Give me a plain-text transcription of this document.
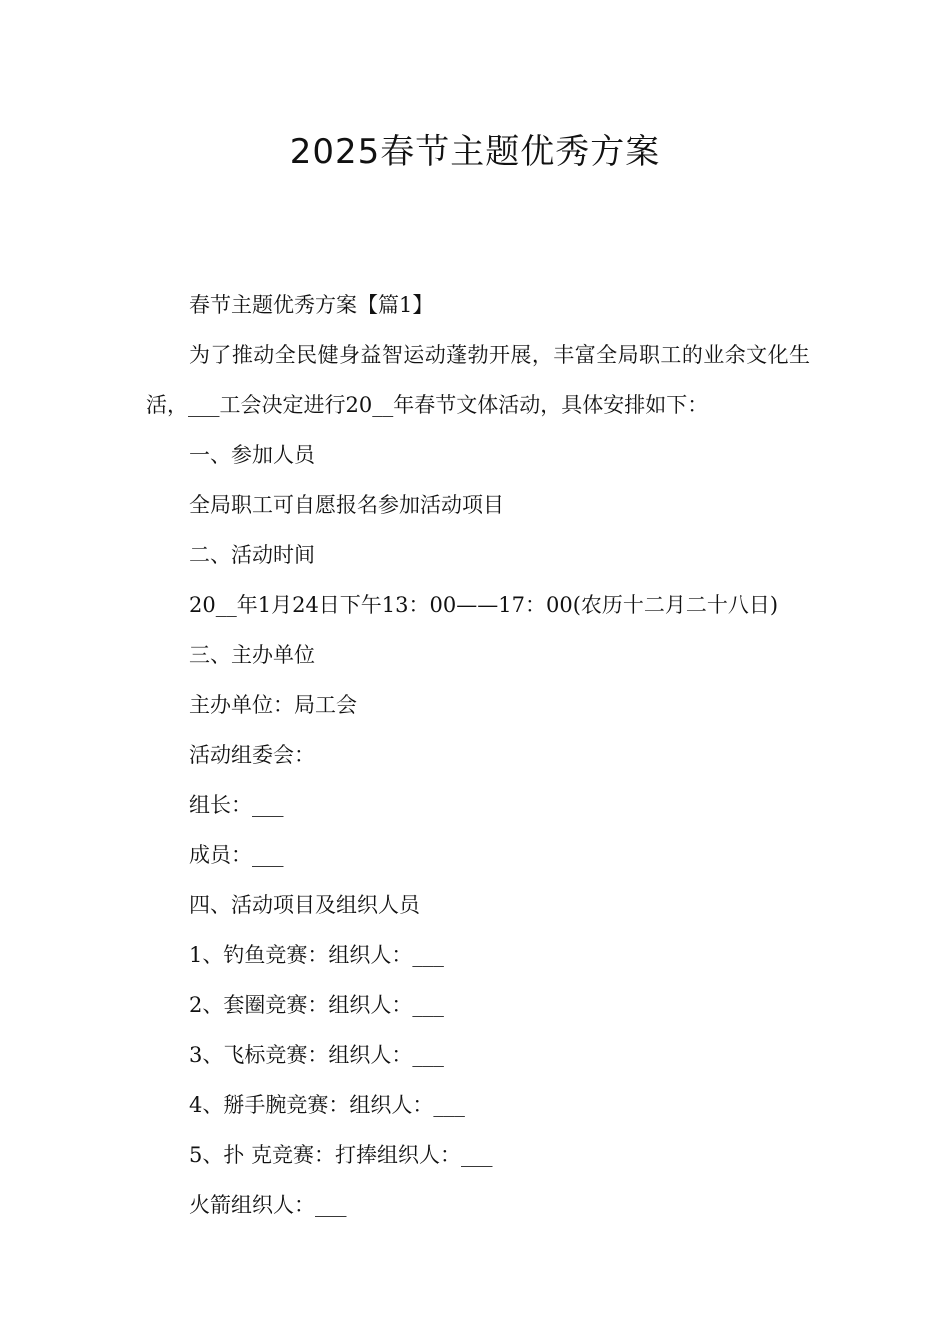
2025春节主题优秀方案

春节主题优秀方案【篇1】

为了推动全民健身益智运动蓬勃开展，丰富全局职工的业余文化生活，___工会决定进行20__年春节文体活动，具体安排如下：

一、参加人员

全局职工可自愿报名参加活动项目

二、活动时间

20__年1月24日下午13：00——17：00(农历十二月二十八日)

三、主办单位

主办单位：局工会

活动组委会：

组长：___

成员：___

四、活动项目及组织人员

1、钓鱼竞赛：组织人：___

2、套圈竞赛：组织人：___

3、飞标竞赛：组织人：___

4、掰手腕竞赛：组织人：___

5、扑 克竞赛：打捧组织人：___

火箭组织人：___
